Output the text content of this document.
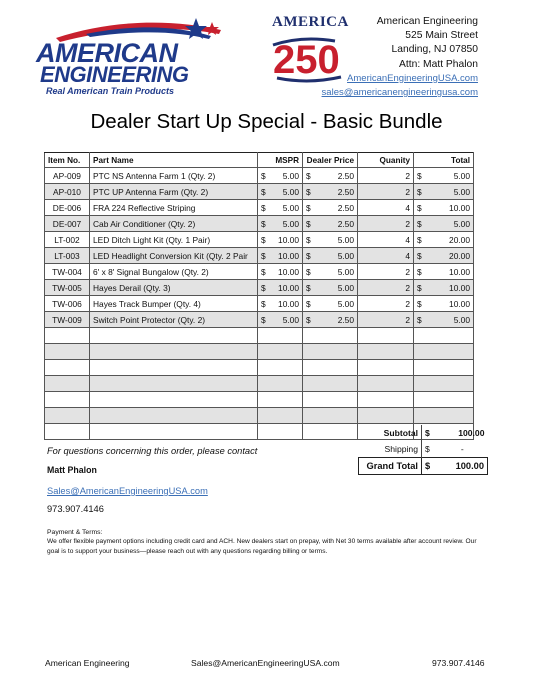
AMERICAN
ENGINEERING
Real American Train Products
AMERICA
250
American Engineering
525 Main Street
Landing, NJ 07850
Attn: Matt Phalon
AmericanEngineeringUSA.com
sales@americanengineeringusa.com
Dealer Start Up Special - Basic Bundle
Item No.	Part Name	MSPR		Dealer Price		Quanity	Total	
AP-009	PTC NS Antenna Farm 1 (Qty. 2)	$	5.00	$	2.50	2	$	5.00
AP-010	PTC UP Antenna Farm (Qty. 2)	$	5.00	$	2.50	2	$	5.00
DE-006	FRA 224 Reflective Striping	$	5.00	$	2.50	4	$	10.00
DE-007	Cab Air Conditioner (Qty. 2)	$	5.00	$	2.50	2	$	5.00
LT-002	LED Ditch Light Kit (Qty. 1 Pair)	$	10.00	$	5.00	4	$	20.00
LT-003	LED Headlight Conversion Kit (Qty. 2 Pair	$	10.00	$	5.00	4	$	20.00
TW-004	6' x 8' Signal Bungalow (Qty. 2)	$	10.00	$	5.00	2	$	10.00
TW-005	Hayes Derail (Qty. 3)	$	10.00	$	5.00	2	$	10.00
TW-006	Hayes Track Bumper (Qty. 4)	$	10.00	$	5.00	2	$	10.00
TW-009	Switch Point Protector (Qty. 2)	$	5.00	$	2.50	2	$	5.00

Subtotal	$	100.00
Shipping	$	-
Grand Total	$	100.00
For questions concerning this order, please contact
Matt Phalon
Sales@AmericanEngineeringUSA.com
973.907.4146
Payment & Terms:
We offer flexible payment options including credit card and ACH. New dealers start on prepay, with Net 30 terms available after account review. Our goal is to support your business—please reach out with any questions regarding billing or terms.
American Engineering	Sales@AmericanEngineeringUSA.com	973.907.4146
